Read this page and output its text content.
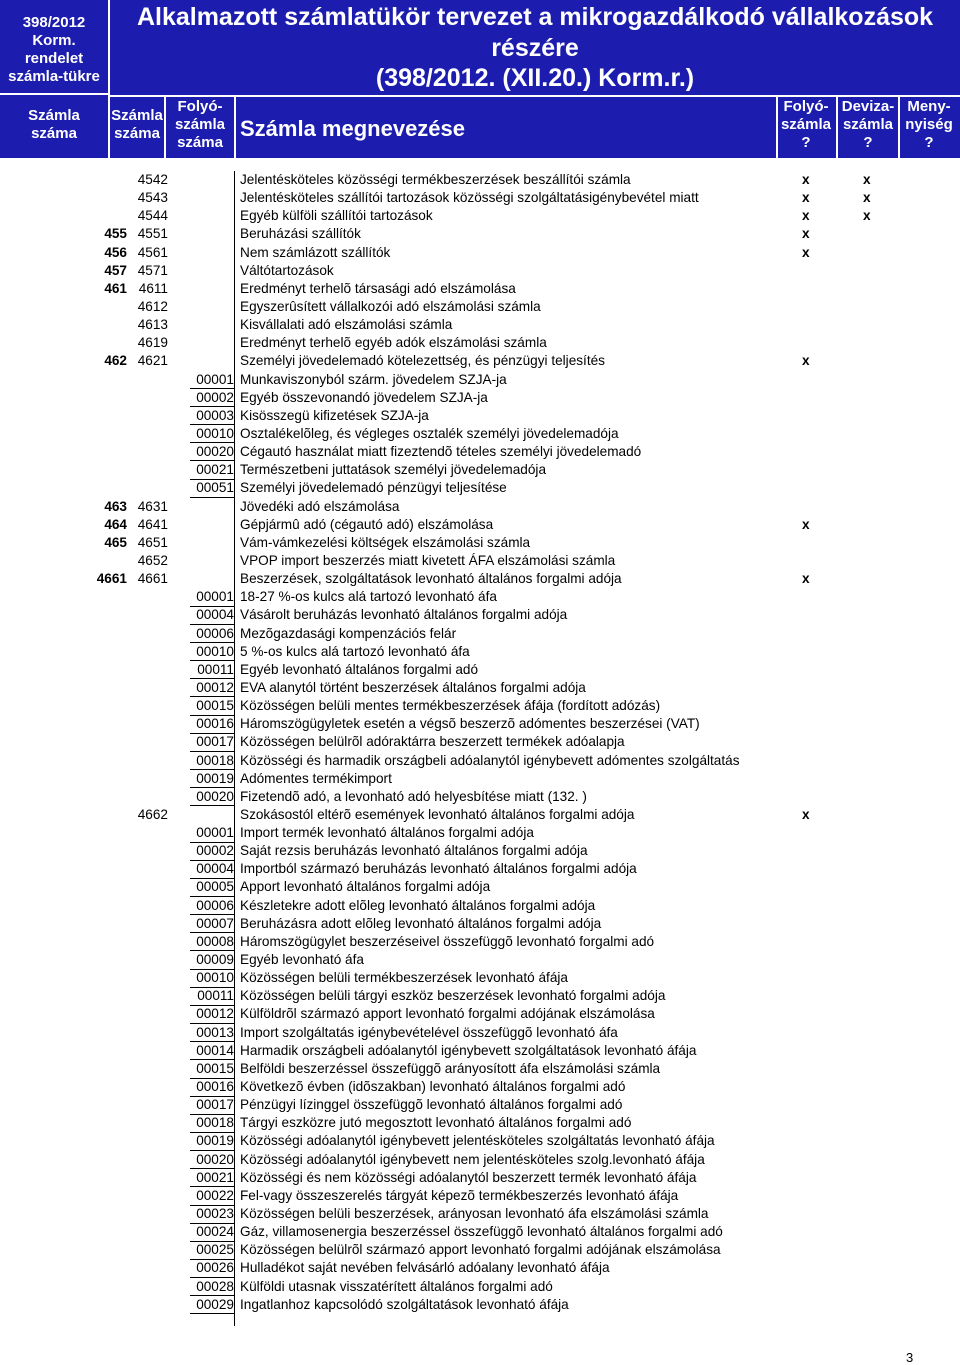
398/2012
Korm.
rendelet
számla-tükre
Alkalmazott számlatükör tervezet a mikrogazdálkodó vállalkozások
részére
(398/2012. (XII.20.) Korm.r.)
Számla
száma
Számla
száma
Folyó-
számla
száma
Számla megnevezése
Folyó-
számla
?
Deviza-
számla
?
Meny-
nyiség
?
4542	Jelentésköteles közösségi termékbeszerzések beszállítói számla	x	x
4543	Jelentésköteles szállítói tartozások közösségi szolgáltatásigénybevétel miatt	x	x
4544	Egyéb külföli szállítói tartozások	x	x
455 4551	Beruházási szállítók	x
456 4561	Nem számlázott szállítók	x
457 4571	Váltótartozások
461 4611	Eredményt terhelõ társasági adó elszámolása
4612	Egyszerûsített vállalkozói adó elszámolási számla
4613	Kisvállalati adó elszámolási számla
4619	Eredményt terhelõ egyéb adók elszámolási számla
462 4621	Személyi jövedelemadó kötelezettség, és pénzügyi teljesítés	x
00001 Munkaviszonyból szárm. jövedelem SZJA-ja
00002 Egyéb összevonandó jövedelem SZJA-ja
00003 Kisösszegü kifizetések SZJA-ja
00010 Osztalékelõleg, és végleges osztalék személyi jövedelemadója
00020 Cégautó használat miatt fizeztendõ tételes személyi jövedelemadó
00021 Természetbeni juttatások személyi jövedelemadója
00051 Személyi jövedelemadó pénzügyi teljesítése
463 4631	Jövedéki adó elszámolása
464 4641	Gépjármû adó (cégautó adó) elszámolása	x
465 4651	Vám-vámkezelési költségek elszámolási számla
4652	VPOP import beszerzés miatt kivetett ÁFA elszámolási számla
4661 4661	Beszerzések, szolgáltatások levonható általános forgalmi adója	x
00001 18-27 %-os kulcs alá tartozó levonható áfa
00004 Vásárolt beruházás levonható általános forgalmi adója
00006 Mezõgazdasági kompenzációs felár
00010 5 %-os kulcs alá tartozó levonható áfa
00011 Egyéb levonható általános forgalmi adó
00012 EVA alanytól történt beszerzések általános forgalmi adója
00015 Közösségen belüli mentes termékbeszerzések áfája (fordított adózás)
00016 Háromszögügyletek esetén a végsõ beszerzõ adómentes beszerzései (VAT)
00017 Közösségen belülrõl adóraktárra beszerzett termékek adóalapja
00018 Közösségi és harmadik országbeli adóalanytól igénybevett adómentes szolgáltatás
00019 Adómentes termékimport
00020 Fizetendõ adó, a levonható adó helyesbítése miatt (132. )
4662	Szokásostól eltérõ események levonható általános forgalmi adója	x
00001 Import termék levonható általános forgalmi adója
00002 Saját rezsis beruházás levonható általános forgalmi adója
00004 Importból származó beruházás levonható általános forgalmi adója
00005 Apport levonható általános forgalmi adója
00006 Készletekre adott elõleg levonható általános forgalmi adója
00007 Beruházásra adott elõleg levonható általános forgalmi adója
00008 Háromszögügylet beszerzéseivel összefüggõ levonható forgalmi adó
00009 Egyéb levonható áfa
00010 Közösségen belüli termékbeszerzések levonható áfája
00011 Közösségen belüli tárgyi eszköz beszerzések levonható forgalmi adója
00012 Külföldrõl származó apport levonható forgalmi adójának elszámolása
00013 Import szolgáltatás igénybevételével összefüggõ levonható áfa
00014 Harmadik országbeli adóalanytól igénybevett szolgáltatások levonható áfája
00015 Belföldi beszerzéssel összefüggõ arányosított áfa elszámolási számla
00016 Következõ évben (idõszakban) levonható általános forgalmi adó
00017 Pénzügyi lízinggel összefüggõ levonható általános forgalmi adó
00018 Tárgyi eszközre jutó megosztott levonható általános forgalmi adó
00019 Közösségi adóalanytól igénybevett jelentésköteles szolgáltatás levonható áfája
00020 Közösségi adóalanytól igénybevett nem jelentésköteles szolg.levonható áfája
00021 Közösségi és nem közösségi adóalanytól beszerzett termék levonható áfája
00022 Fel-vagy összeszerelés tárgyát képezõ termékbeszerzés levonható áfája
00023 Közösségen belüli beszerzések, arányosan levonható áfa elszámolási számla
00024 Gáz, villamosenergia beszerzéssel összefüggõ levonható általános forgalmi adó
00025 Közösségen belülrõl származó apport levonható forgalmi adójának elszámolása
00026 Hulladékot saját nevében felvásárló adóalany levonható áfája
00028 Külföldi utasnak visszatérített általános forgalmi adó
00029 Ingatlanhoz kapcsolódó szolgáltatások levonható áfája
3
